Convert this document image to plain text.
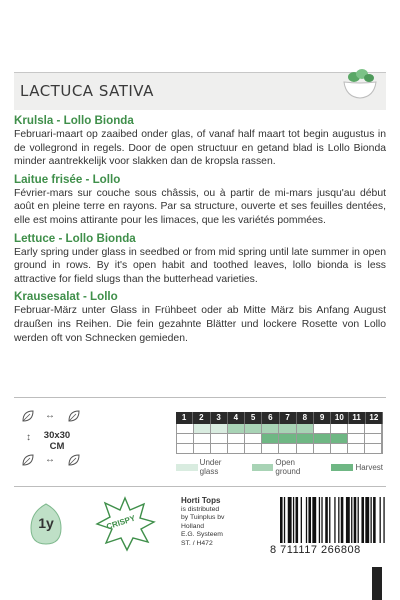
LACTUCA SATIVA
Krulsla - Lollo Bionda

Februari-maart op zaaibed onder glas, of vanaf half maart tot begin augustus in de vollegrond in regels. Door de open structuur en getand blad is Lollo Bionda minder aantrekkelijk voor slakken dan de kropsla rassen.

Laitue frisée - Lollo

Février-mars sur couche sous châssis, ou à partir de mi-mars jusqu'au début août en pleine terre en rayons. Par sa structure, ouverte et ses feuilles dentées, elle est moins attirante pour les limaces, que les variétés pommées.

Lettuce - Lollo Bionda

Early spring under glass in seedbed or from mid spring until late summer in open ground in rows. By it's open habit and toothed leaves, lollo bionda is less attractive for field slugs than the butterhead varieties.

Krausesalat - Lollo

Februar-März unter Glass in Frühbeet oder ab Mitte März bis Anfang August draußen ins Reihen. Die fein gezahnte Blätter und lockere Rosette von Lollo werden oft von Schnecken gemieden.

↔
↔
↕	30x30
CM
1	2	3	4	5	6	7	8	9	10	11	12
Under glass
Open ground	Harvest
1y	CRISPY
Horti Tops
is distributed
by Tuinplus bv
Holland
E.G. Systeem
ST. / H472
8 711117 266808
